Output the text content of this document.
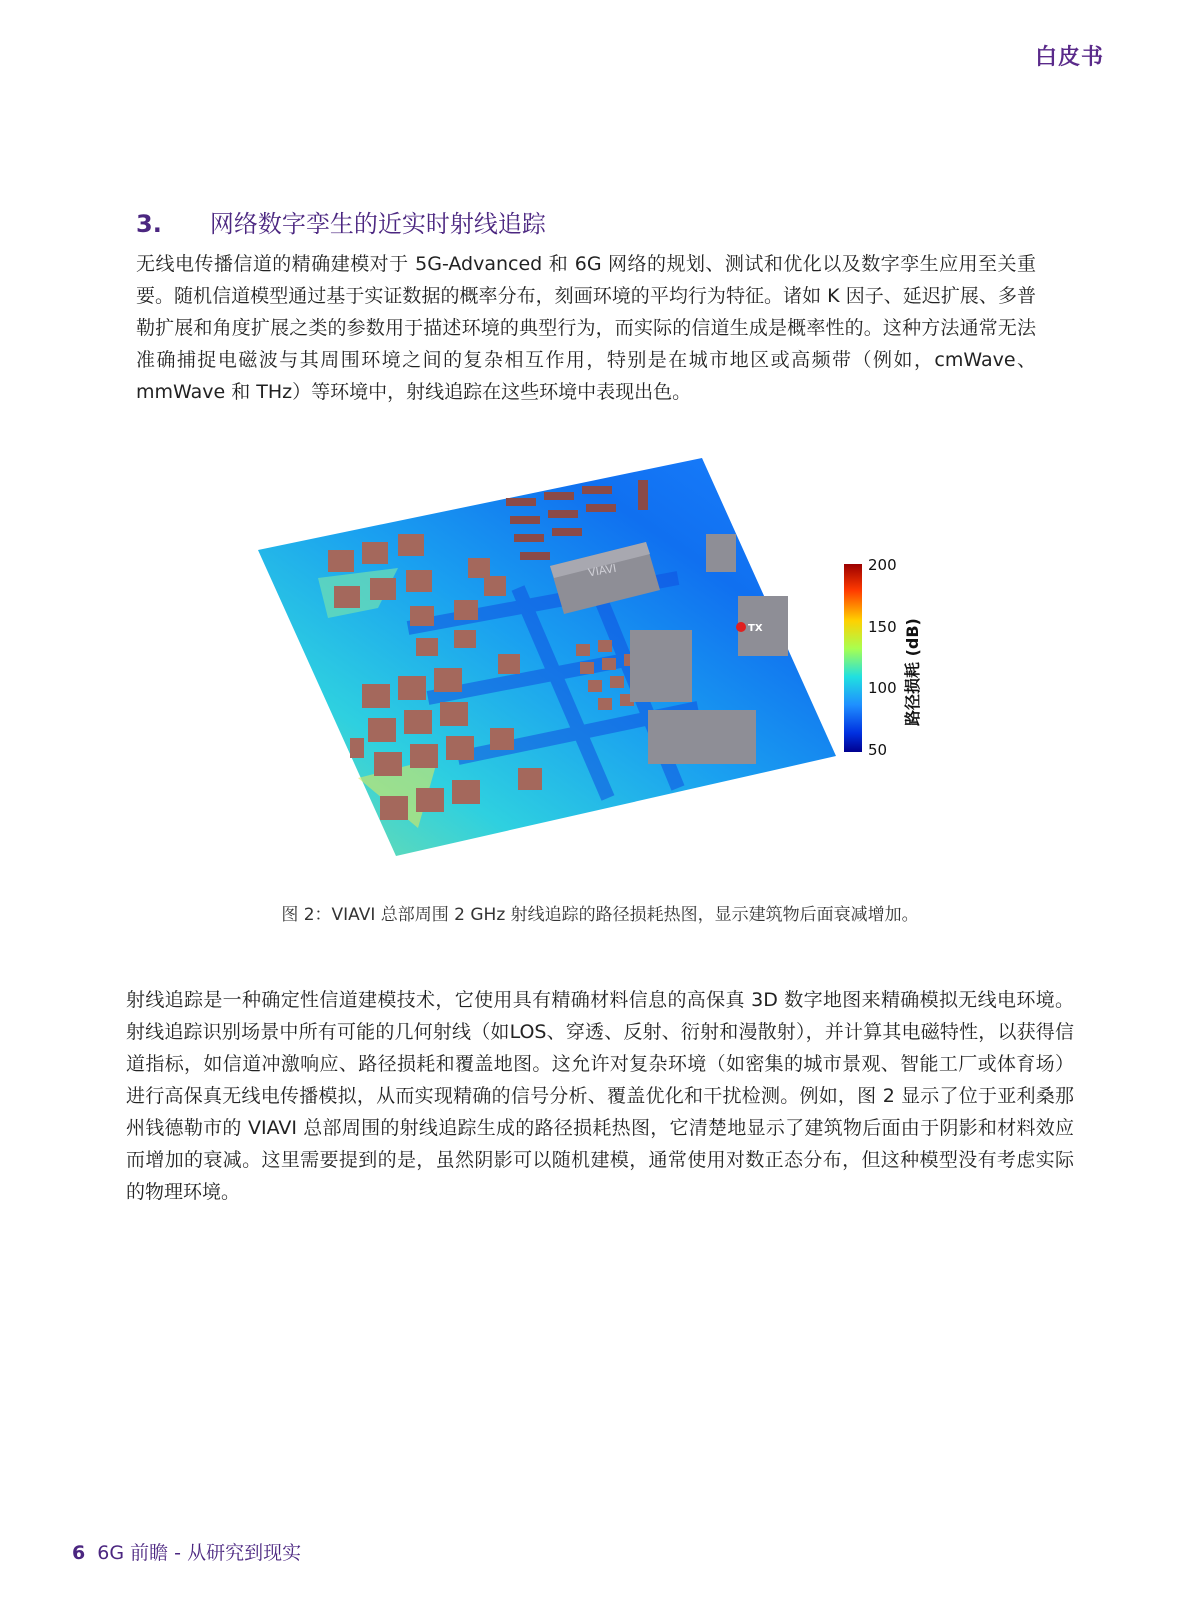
白皮书
3. 网络数字孪生的近实时射线追踪

无线电传播信道的精确建模对于 5G-Advanced 和 6G 网络的规划、测试和优化以及数字孪生应用至关重要。随机信道模型通过基于实证数据的概率分布，刻画环境的平均行为特征。诸如 K 因子、延迟扩展、多普勒扩展和角度扩展之类的参数用于描述环境的典型行为，而实际的信道生成是概率性的。这种方法通常无法准确捕捉电磁波与其周围环境之间的复杂相互作用，特别是在城市地区或高频带（例如，cmWave、mmWave 和 THz）等环境中，射线追踪在这些环境中表现出色。

VIAVI
TX
200
150
100
50
路径损耗 (dB)
图 2：VIAVI 总部周围 2 GHz 射线追踪的路径损耗热图，显示建筑物后面衰减增加。

射线追踪是一种确定性信道建模技术，它使用具有精确材料信息的高保真 3D 数字地图来精确模拟无线电环境。射线追踪识别场景中所有可能的几何射线（如LOS、穿透、反射、衍射和漫散射），并计算其电磁特性，以获得信道指标，如信道冲激响应、路径损耗和覆盖地图。这允许对复杂环境（如密集的城市景观、智能工厂或体育场）进行高保真无线电传播模拟，从而实现精确的信号分析、覆盖优化和干扰检测。例如，图 2 显示了位于亚利桑那州钱德勒市的 VIAVI 总部周围的射线追踪生成的路径损耗热图，它清楚地显示了建筑物后面由于阴影和材料效应而增加的衰减。这里需要提到的是，虽然阴影可以随机建模，通常使用对数正态分布，但这种模型没有考虑实际的物理环境。

6 6G 前瞻 - 从研究到现实
